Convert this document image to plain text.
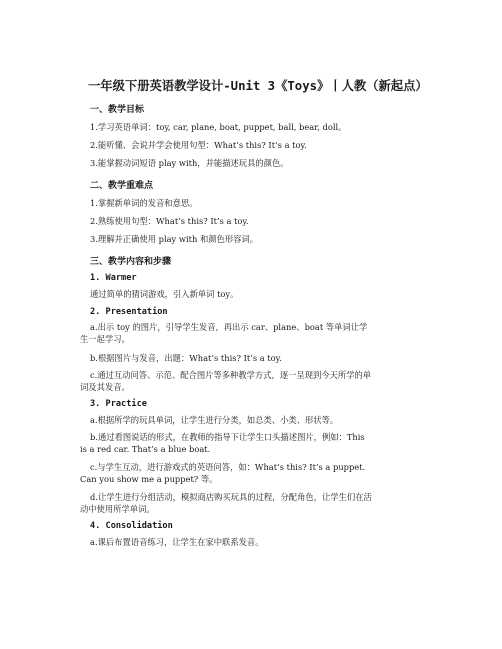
一年级下册英语教学设计-Unit 3《Toys》丨人教（新起点）
一、教学目标
1.学习英语单词：toy, car, plane, boat, puppet, ball, bear, doll。
2.能听懂、会说并学会使用句型：What’s this? It’s a toy.
3.能掌握动词短语 play with，并能描述玩具的颜色。
二、教学重难点
1.掌握新单词的发音和意思。
2.熟练使用句型：What’s this? It’s a toy.
3.理解并正确使用 play with 和颜色形容词。
三、教学内容和步骤
1. Warmer
通过简单的猜词游戏，引入新单词 toy。
2. Presentation
a.出示 toy 的图片，引导学生发音，再出示 car、plane、boat 等单词让学
生一起学习。
b.根据图片与发音，出题：What’s this? It’s a toy.
c.通过互动问答、示范、配合图片等多种教学方式，逐一呈现到今天所学的单
词及其发音。
3. Practice
a.根据所学的玩具单词，让学生进行分类，如总类、小类、形状等。
b.通过看图说话的形式，在教师的指导下让学生口头描述图片，例如：This
is a red car. That’s a blue boat.
c.与学生互动，进行游戏式的英语问答，如：What’s this? It’s a puppet.
Can you show me a puppet? 等。
d.让学生进行分组活动，模拟商店购买玩具的过程，分配角色，让学生们在活
动中使用所学单词。
4. Consolidation
a.课后布置语音练习，让学生在家中联系发音。
